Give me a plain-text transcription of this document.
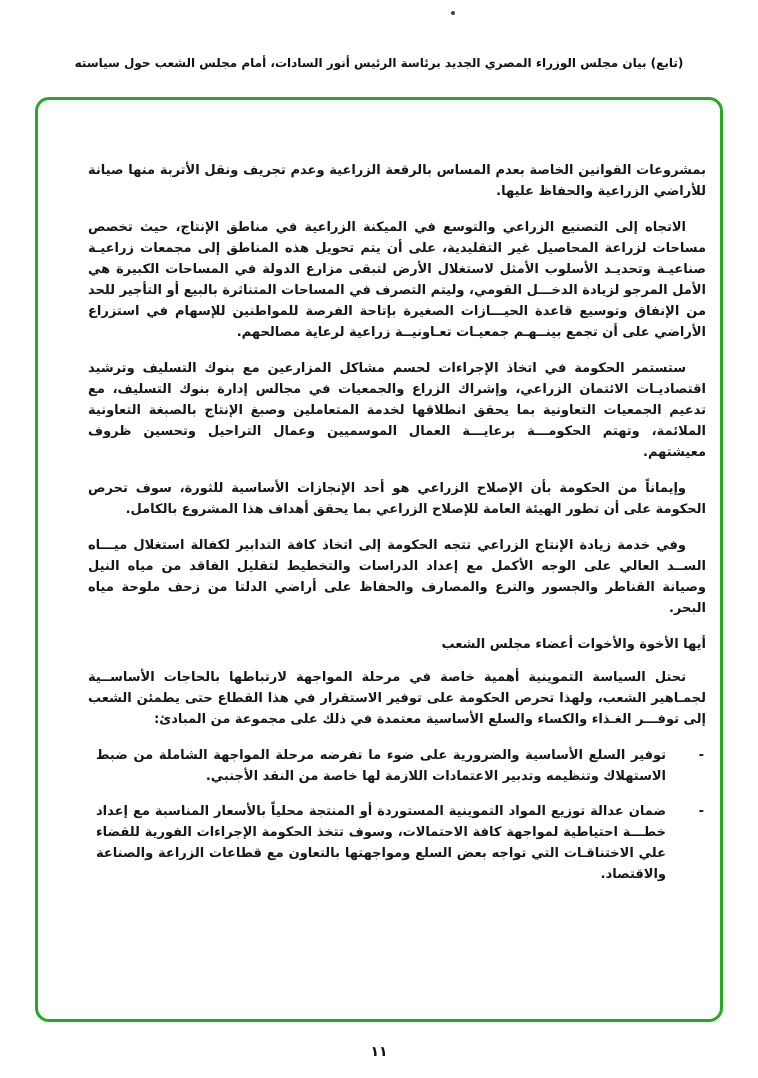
(تابع) بيان مجلس الوزراء المصري الجديد برئاسة الرئيس أنور السادات، أمام مجلس الشعب حول سياسته

بمشروعات القوانين الخاصة بعدم المساس بالرقعة الزراعية وعدم تجريف ونقل الأتربة منها صيانة للأراضي الزراعية والحفاظ عليها.

الاتجاه إلى التصنيع الزراعي والتوسع في الميكنة الزراعية في مناطق الإنتاج، حيث تخصص مساحات لزراعة المحاصيل غير التقليدية، على أن يتم تحويل هذه المناطق إلى مجمعات زراعيـة صناعيـة وتحديـد الأسلوب الأمثل لاستغلال الأرض لتبقى مزارع الدولة في المساحات الكبيرة هي الأمل المرجو لزيادة الدخـــل القومي، وليتم التصرف في المساحات المتناثرة بالبيع أو التأجير للحد من الإنفاق وتوسيع قاعدة الحيـــازات الصغيرة بإتاحة الفرصة للمواطنين للإسهام في استزراع الأراضي على أن تجمع بينــهـم جمعيـات تعـاونيــة زراعية لرعاية مصالحهم.

ستستمر الحكومة في اتخاذ الإجراءات لحسم مشاكل المزارعين مع بنوك التسليف وترشيد اقتصاديـات الائتمان الزراعي، وإشراك الزراع والجمعيات في مجالس إدارة بنوك التسليف، مع تدعيم الجمعيات التعاونية بما يحقق انطلاقها لخدمة المتعاملين وصبغ الإنتاج بالصبغة التعاونية الملائمة، وتهتم الحكومـــة برعايـــة العمال الموسميين وعمال التراحيل وتحسين ظروف معيشتهم.

وإيماناً من الحكومة بأن الإصلاح الزراعي هو أحد الإنجازات الأساسية للثورة، سوف تحرص الحكومة على أن تطور الهيئة العامة للإصلاح الزراعي بما يحقق أهداف هذا المشروع بالكامل.

وفي خدمة زيادة الإنتاج الزراعي تتجه الحكومة إلى اتخاذ كافة التدابير لكفالة استغلال ميـــاه الســد العالي على الوجه الأكمل مع إعداد الدراسات والتخطيط لتقليل الفاقد من مياه النيل وصيانة القناطر والجسور والترع والمصارف والحفاظ على أراضي الدلتا من زحف ملوحة مياه البحر.

أيها الأخوة والأخوات أعضاء مجلس الشعب

تحتل السياسة التموينية أهمية خاصة في مرحلة المواجهة لارتباطها بالحاجات الأساســية لجمـاهير الشعب، ولهذا تحرص الحكومة على توفير الاستقرار في هذا القطاع حتى يطمئن الشعب إلى توفـــر الغـذاء والكساء والسلع الأساسية معتمدة في ذلك على مجموعة من المبادئ:

-
توفير السلع الأساسية والضرورية على ضوء ما تفرضه مرحلة المواجهة الشاملة من ضبط الاستهلاك وتنظيمه وتدبير الاعتمادات اللازمة لها خاصة من النقد الأجنبي.
-
ضمان عدالة توزيع المواد التموينية المستوردة أو المنتجة محلياً بالأسعار المناسبة مع إعداد خطـــة احتياطية لمواجهة كافة الاحتمالات، وسوف تتخذ الحكومة الإجراءات الفورية للقضاء علي الاختناقـات التي تواجه بعض السلع ومواجهتها بالتعاون مع قطاعات الزراعة والصناعة والاقتصاد.
١١
